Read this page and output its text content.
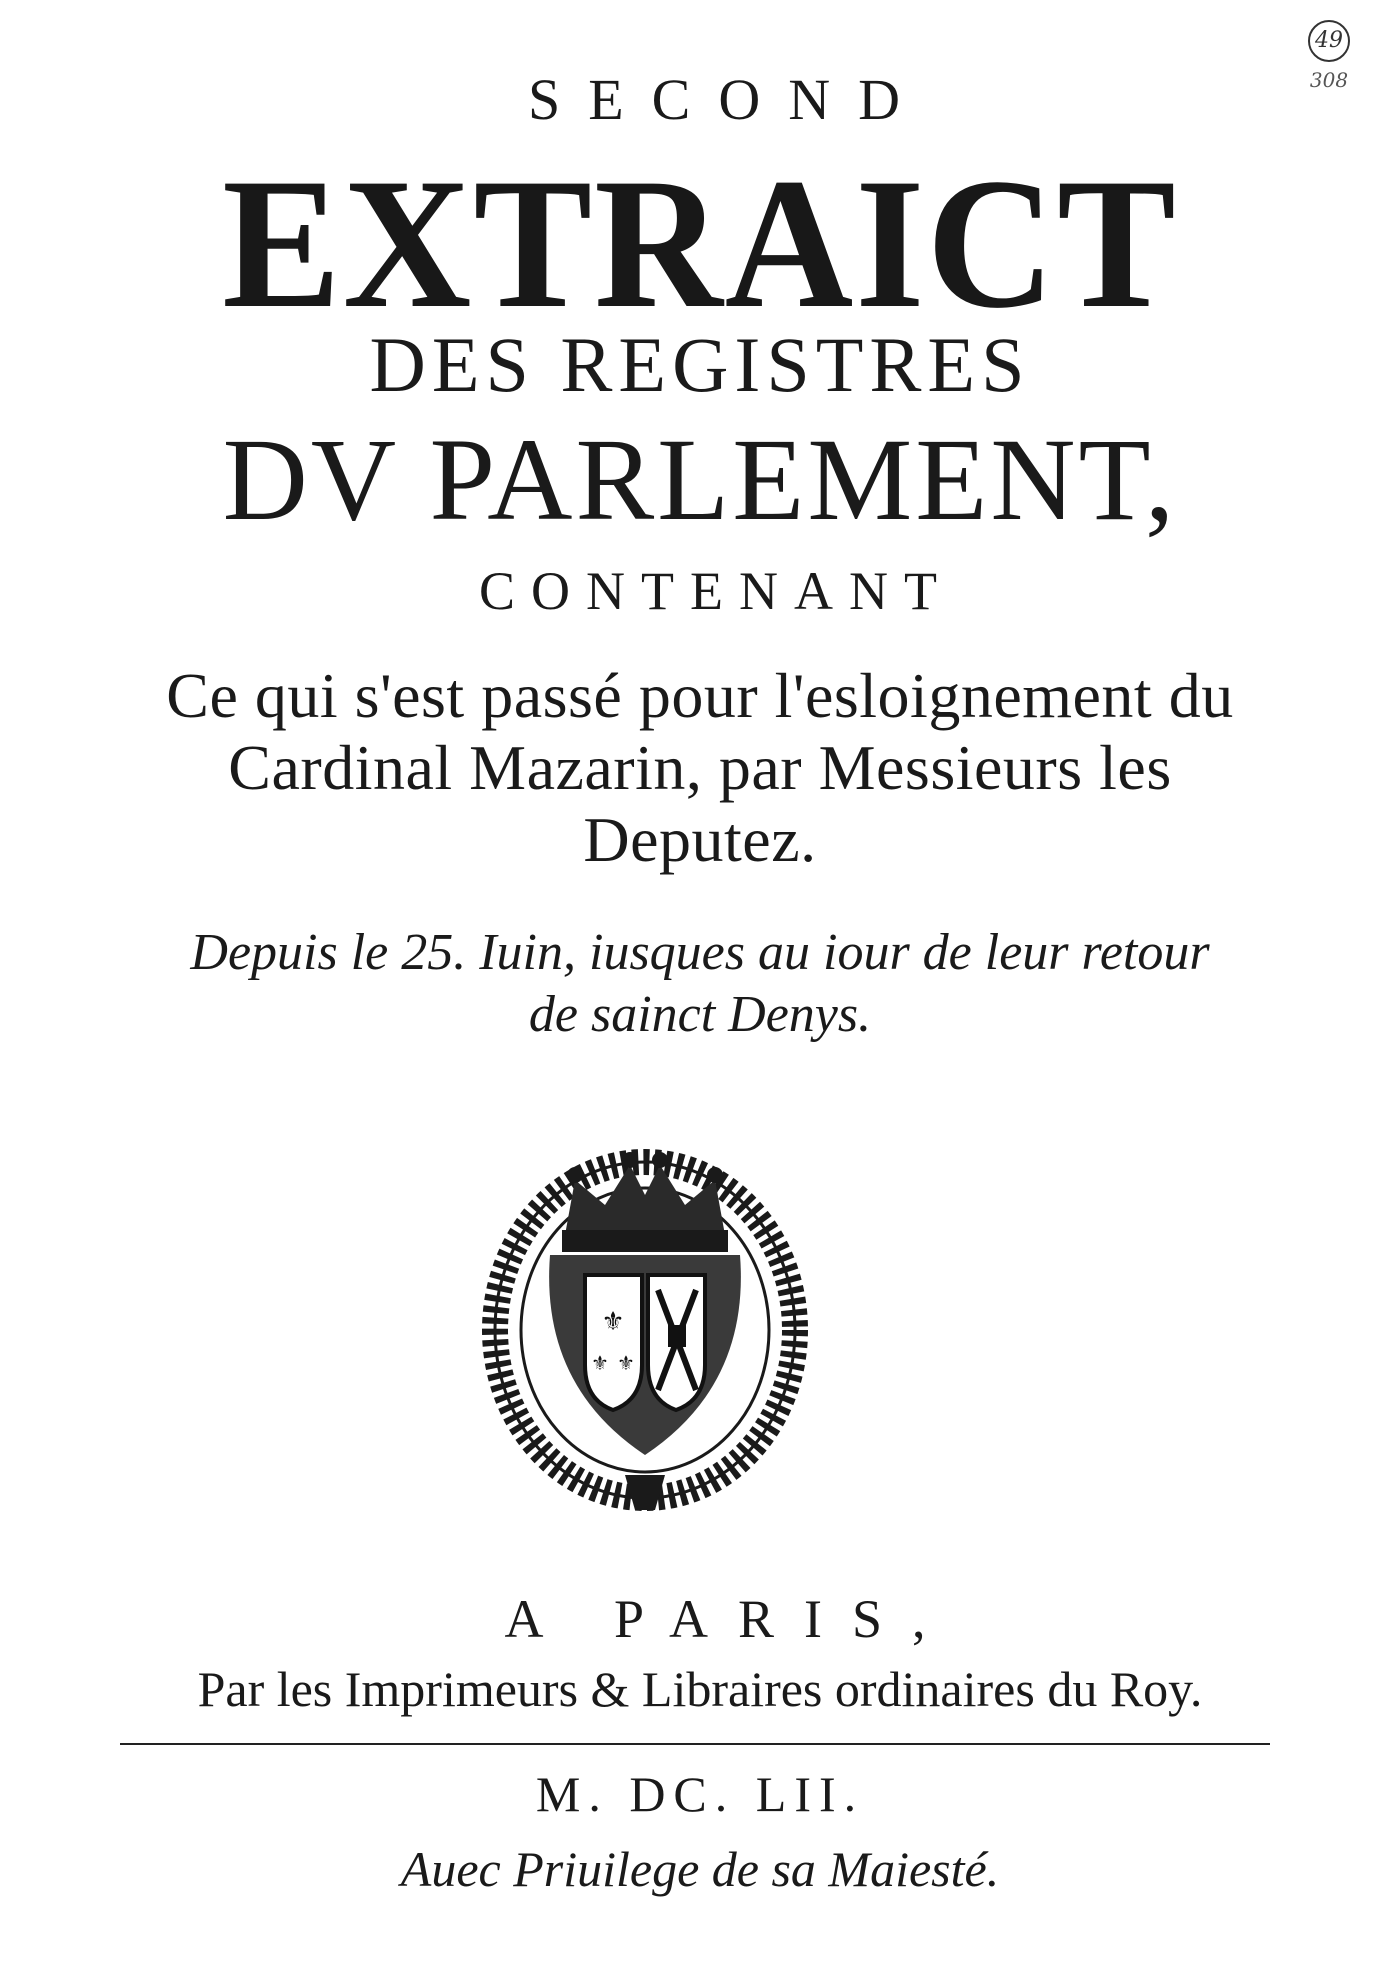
49
308
SECOND
EXTRAICT
DES REGISTRES
DV PARLEMENT,
CONTENANT
Ce qui s'est passé pour l'esloignement du
Cardinal Mazarin, par Messieurs les
Deputez.
Depuis le 25. Iuin, iusques au iour de leur retour
de sainct Denys.
⚜
⚜ ⚜
A PARIS,
Par les Imprimeurs & Libraires ordinaires du Roy.
M. DC. LII.
Auec Priuilege de sa Maiesté.
